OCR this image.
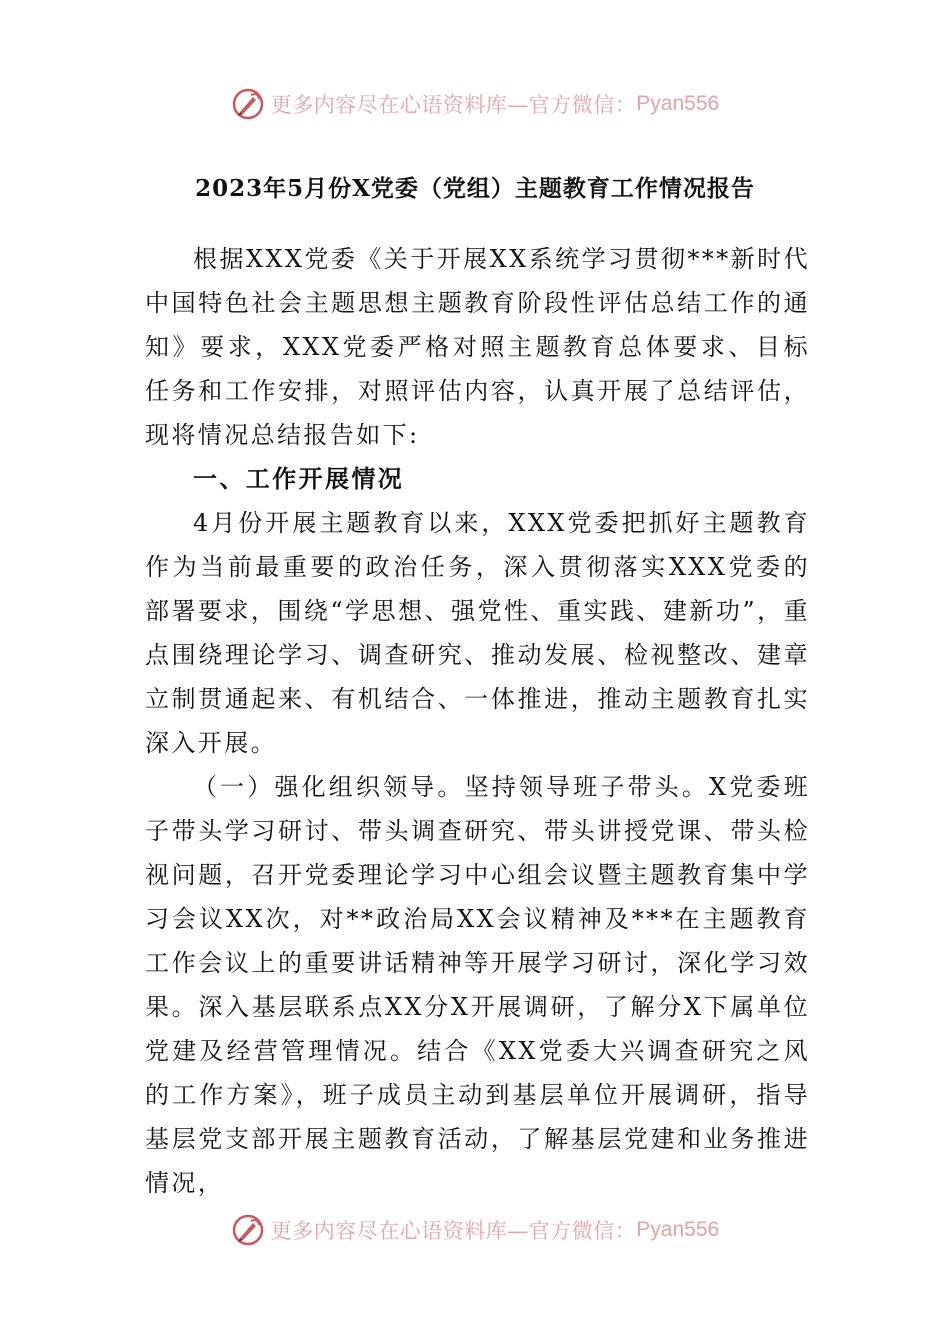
更多内容尽在心语资料库—官方微信： Pyan556
2023年5月份X党委（党组）主题教育工作情况报告

根据XXX党委《关于开展XX系统学习贯彻***新时代中国特色社会主题思想主题教育阶段性评估总结工作的通知》要求，XXX党委严格对照主题教育总体要求、目标任务和工作安排，对照评估内容，认真开展了总结评估，现将情况总结报告如下:

一、工作开展情况

4月份开展主题教育以来，XXX党委把抓好主题教育作为当前最重要的政治任务，深入贯彻落实XXX党委的部署要求，围绕“学思想、强党性、重实践、建新功”，重点围绕理论学习、调查研究、推动发展、检视整改、建章立制贯通起来、有机结合、一体推进，推动主题教育扎实深入开展。

（一）强化组织领导。坚持领导班子带头。X党委班子带头学习研讨、带头调查研究、带头讲授党课、带头检视问题，召开党委理论学习中心组会议暨主题教育集中学习会议XX次，对**政治局XX会议精神及***在主题教育工作会议上的重要讲话精神等开展学习研讨，深化学习效果。深入基层联系点XX分X开展调研，了解分X下属单位党建及经营管理情况。结合《XX党委大兴调查研究之风的工作方案》，班子成员主动到基层单位开展调研，指导基层党支部开展主题教育活动，了解基层党建和业务推进情况，

更多内容尽在心语资料库—官方微信： Pyan556
